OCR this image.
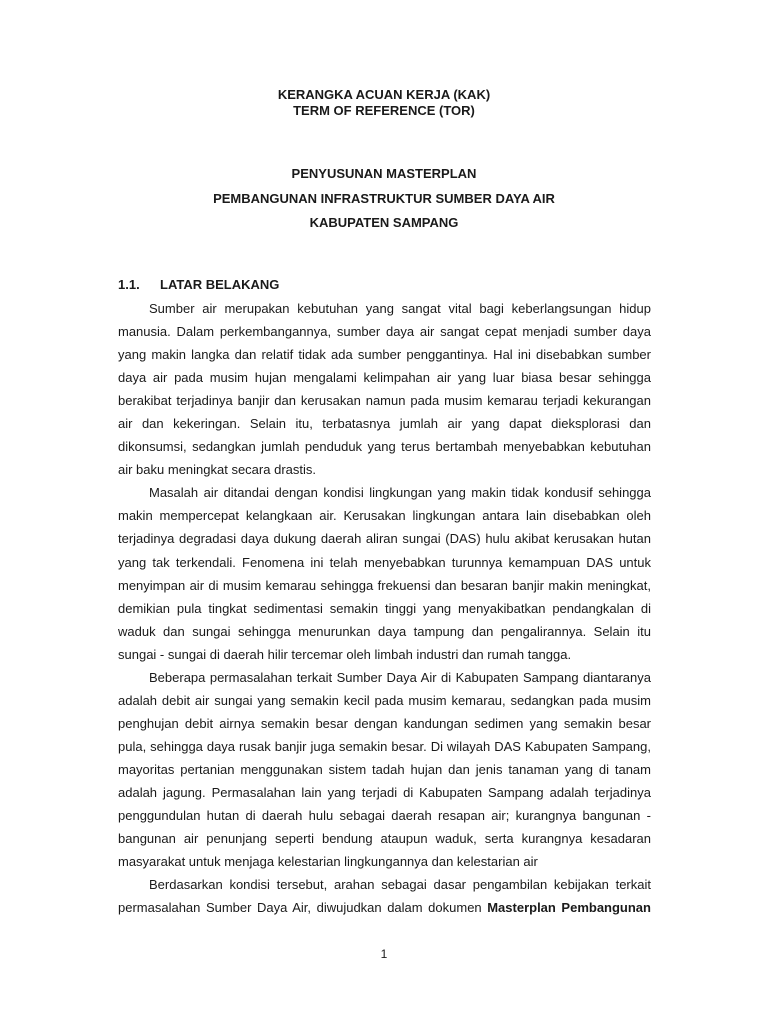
KERANGKA ACUAN KERJA (KAK)
TERM OF REFERENCE (TOR)
PENYUSUNAN MASTERPLAN
PEMBANGUNAN INFRASTRUKTUR SUMBER DAYA AIR
KABUPATEN SAMPANG
1.1. LATAR BELAKANG
Sumber air merupakan kebutuhan yang sangat vital bagi keberlangsungan hidup
manusia. Dalam perkembangannya, sumber daya air sangat cepat menjadi sumber daya
yang makin langka dan relatif tidak ada sumber penggantinya. Hal ini disebabkan sumber
daya air pada musim hujan mengalami kelimpahan air yang luar biasa besar sehingga
berakibat terjadinya banjir dan kerusakan namun pada musim kemarau terjadi kekurangan
air dan kekeringan. Selain itu, terbatasnya jumlah air yang dapat dieksplorasi dan
dikonsumsi, sedangkan jumlah penduduk yang terus bertambah menyebabkan kebutuhan
air baku meningkat secara drastis.
Masalah air ditandai dengan kondisi lingkungan yang makin tidak kondusif sehingga
makin mempercepat kelangkaan air. Kerusakan lingkungan antara lain disebabkan oleh
terjadinya degradasi daya dukung daerah aliran sungai (DAS) hulu akibat kerusakan hutan
yang tak terkendali. Fenomena ini telah menyebabkan turunnya kemampuan DAS untuk
menyimpan air di musim kemarau sehingga frekuensi dan besaran banjir makin meningkat,
demikian pula tingkat sedimentasi semakin tinggi yang menyakibatkan pendangkalan di
waduk dan sungai sehingga menurunkan daya tampung dan pengalirannya. Selain itu
sungai - sungai di daerah hilir tercemar oleh limbah industri dan rumah tangga.
Beberapa permasalahan terkait Sumber Daya Air di Kabupaten Sampang diantaranya
adalah debit air sungai yang semakin kecil pada musim kemarau, sedangkan pada musim
penghujan debit airnya semakin besar dengan kandungan sedimen yang semakin besar
pula, sehingga daya rusak banjir juga semakin besar. Di wilayah DAS Kabupaten Sampang,
mayoritas pertanian menggunakan sistem tadah hujan dan jenis tanaman yang di tanam
adalah jagung. Permasalahan lain yang terjadi di Kabupaten Sampang adalah terjadinya
penggundulan hutan di daerah hulu sebagai daerah resapan air; kurangnya bangunan -
bangunan air penunjang seperti bendung ataupun waduk, serta kurangnya kesadaran
masyarakat untuk menjaga kelestarian lingkungannya dan kelestarian air
Berdasarkan kondisi tersebut, arahan sebagai dasar pengambilan kebijakan terkait
permasalahan Sumber Daya Air, diwujudkan dalam dokumen Masterplan Pembangunan
1
